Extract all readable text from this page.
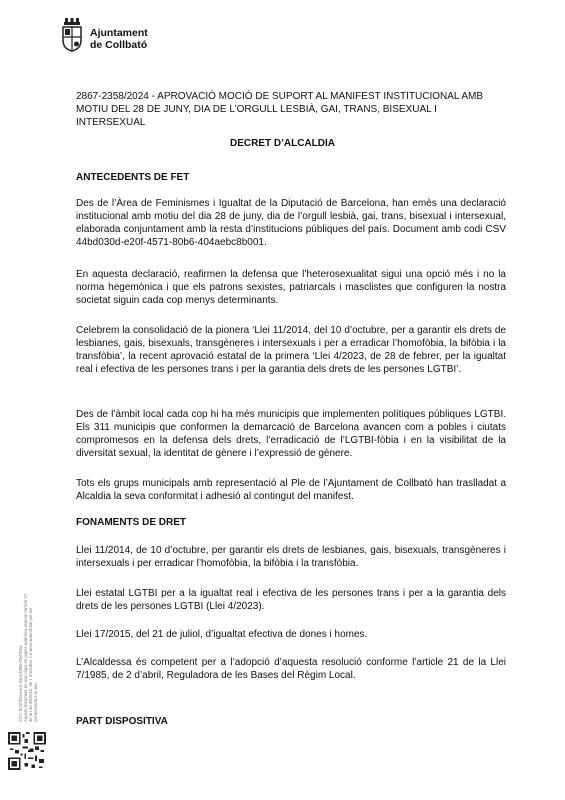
Ajuntament
de Collbató
2867-2358/2024 - APROVACIÓ MOCIÓ DE SUPORT AL MANIFEST INSTITUCIONAL AMB MOTIU DEL 28 DE JUNY, DIA DE L’ORGULL LESBIÀ, GAI, TRANS, BISEXUAL I INTERSEXUAL
DECRET D’ALCALDIA
ANTECEDENTS DE FET
Des de l’Àrea de Feminismes i Igualtat de la Diputació de Barcelona, han emès una declaració institucional amb motiu del dia 28 de juny, dia de l’orgull lesbià, gai, trans, bisexual i intersexual, elaborada conjuntament amb la resta d’institucions públiques del país. Document amb codi CSV 44bd030d-e20f-4571-80b6-404aebc8b001.
En aquesta declaració, reafirmen la defensa que l’heterosexualitat sigui una opció més i no la norma hegemònica i que els patrons sexistes, patriarcals i masclistes que configuren la nostra societat siguin cada cop menys determinants.
Celebrem la consolidació de la pionera ‘Llei 11/2014, del 10 d’octubre, per a garantir els drets de lesbianes, gais, bisexuals, transgèneres i intersexuals i per a erradicar l’homofòbia, la bifòbia i la transfòbia’, la recent aprovació estatal de la primera ‘Llei 4/2023, de 28 de febrer, per la igualtat real i efectiva de les persones trans i per la garantia dels drets de les persones LGTBI’.
Des de l’àmbit local cada cop hi ha més municipis que implementen polítiques públiques LGTBI. Els 311 municipis que conformen la demarcació de Barcelona avancen com a pobles i ciutats compromesos en la defensa dels drets, l’erradicació de l’LGTBI-fòbia i en la visibilitat de la diversitat sexual, la identitat de gènere i l’expressió de gènere.
Tots els grups municipals amb representació al Ple de l’Ajuntament de Collbató han traslladat a Alcaldia la seva conformitat i adhesió al contingut del manifest.
FONAMENTS DE DRET
Llei 11/2014, de 10 d’octubre, per garantir els drets de lesbianes, gais, bisexuals, transgèneres i intersexuals i per erradicar l’homofòbia, la bifòbia i la transfòbia.
Llei estatal LGTBI per a la igualtat real i efectiva de les persones trans i per a la garantia dels drets de les persones LGTBI (Llei 4/2023).
Llei 17/2015, del 21 de juliol, d’igualtat efectiva de dones i homes.
L’Alcaldessa és competent per a l’adopció d’aquesta resolució conforme l’article 21 de la Llei 7/1985, de 2 d’abril, Reguladora de les Bases del Règim Local.
PART DISPOSITIVA
CSV: 9c3f7f0a-e4c4-4a04-b88e-f3ef7b0a Aquest document és una còpia en paper autèntica segons l’article 27 de la Llei 39/2015, de 1 d’octubre. La seva autenticitat pot ser comprovada a la seu
